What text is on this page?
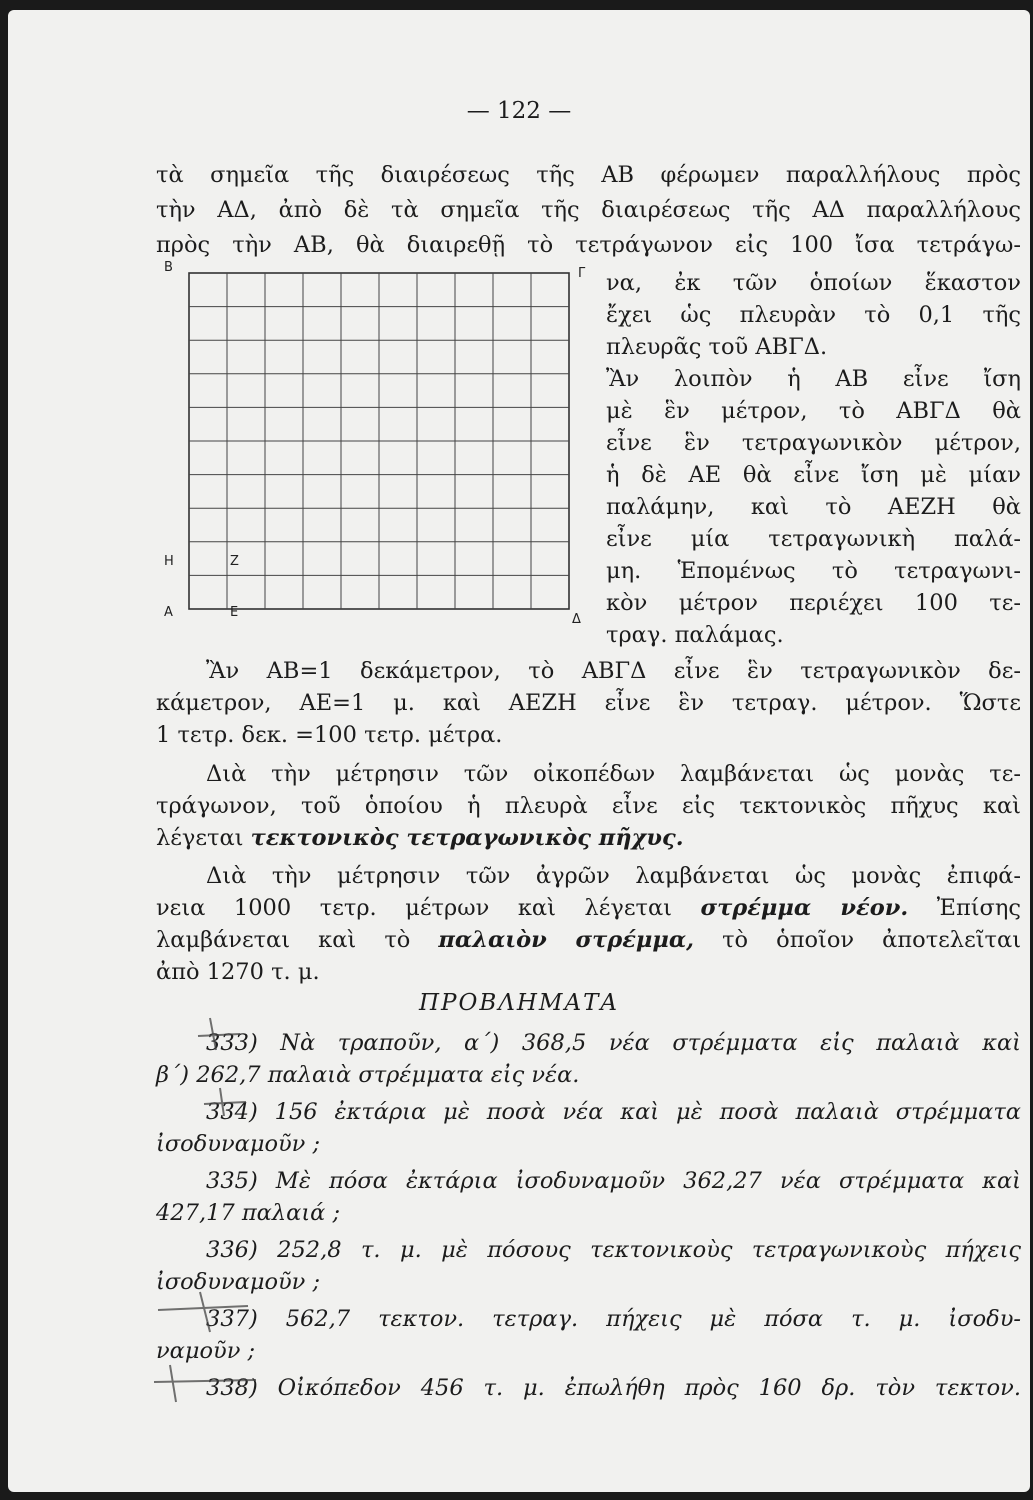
— 122 —
τὰ σημεῖα τῆς διαιρέσεως τῆς ΑΒ φέρωμεν παραλλήλους πρὸς
τὴν ΑΔ, ἀπὸ δὲ τὰ σημεῖα τῆς διαιρέσεως τῆς ΑΔ παραλλήλους
πρὸς τὴν ΑΒ, θὰ διαιρεθῇ τὸ τετράγωνον εἰς 100 ἴσα τετράγω-
B	Γ
H	Z
A	E	Δ
να, ἐκ τῶν ὁποίων ἕκαστον
ἔχει ὡς πλευρὰν τὸ 0,1 τῆς
πλευρᾶς τοῦ ΑΒΓΔ.
Ἂν λοιπὸν ἡ ΑΒ εἶνε ἴση
μὲ ἓν μέτρον, τὸ ΑΒΓΔ θὰ
εἶνε ἓν τετραγωνικὸν μέτρον,
ἡ δὲ ΑΕ θὰ εἶνε ἴση μὲ μίαν
παλάμην, καὶ τὸ ΑΕΖΗ θὰ
εἶνε μία τετραγωνικὴ παλά-
μη. Ἑπομένως τὸ τετραγωνι-
κὸν μέτρον περιέχει 100 τε-
τραγ. παλάμας.
Ἂν ΑΒ=1 δεκάμετρον, τὸ ΑΒΓΔ εἶνε ἓν τετραγωνικὸν δε-
κάμετρον, ΑΕ=1 μ. καὶ ΑΕΖΗ εἶνε ἓν τετραγ. μέτρον. Ὥστε
1 τετρ. δεκ. =100 τετρ. μέτρα.
Διὰ τὴν μέτρησιν τῶν οἰκοπέδων λαμβάνεται ὡς μονὰς τε-
τράγωνον, τοῦ ὁποίου ἡ πλευρὰ εἶνε εἰς τεκτονικὸς πῆχυς καὶ
λέγεται τεκτονικὸς τετραγωνικὸς πῆχυς.
Διὰ τὴν μέτρησιν τῶν ἀγρῶν λαμβάνεται ὡς μονὰς ἐπιφά-
νεια 1000 τετρ. μέτρων καὶ λέγεται στρέμμα νέον. Ἐπίσης
λαμβάνεται καὶ τὸ παλαιὸν στρέμμα, τὸ ὁποῖον ἀποτελεῖται
ἀπὸ 1270 τ. μ.
ΠΡΟΒΛΗΜΑΤΑ
333) Νὰ τραποῦν, α΄) 368,5 νέα στρέμματα εἰς παλαιὰ καὶ
β΄) 262,7 παλαιὰ στρέμματα εἰς νέα.
334) 156 ἐκτάρια μὲ ποσὰ νέα καὶ μὲ ποσὰ παλαιὰ στρέμματα
ἰσοδυναμοῦν ;
335) Μὲ πόσα ἐκτάρια ἰσοδυναμοῦν 362,27 νέα στρέμματα καὶ
427,17 παλαιά ;
336) 252,8 τ. μ. μὲ πόσους τεκτονικοὺς τετραγωνικοὺς πήχεις
ἰσοδυναμοῦν ;
337) 562,7 τεκτον. τετραγ. πήχεις μὲ πόσα τ. μ. ἰσοδυ-
ναμοῦν ;
338) Οἰκόπεδον 456 τ. μ. ἐπωλήθη πρὸς 160 δρ. τὸν τεκτον.
